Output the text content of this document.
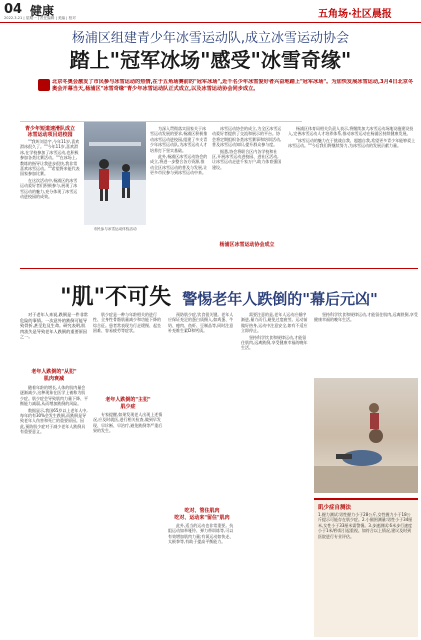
04 健康
2022.3.21 | 星期一 | 责任编辑 | 美编 | 校对	五角场·社区晨报
杨浦区组建青少年冰雪运动队,成立冰雪运动协会
踏上"冠军冰场"感受"冰雪奇缘"
北京冬奥会激发了市民参与冰雪运动的热情,在于五角场赛前的"冠军冰场",近千名少年冰雪爱好者兴奋地踏上"冠军冰场"。为加快发展冰雪运动,3月4日北京冬奥会开幕当天,杨浦区"冰雪奇缘"青少年冰雪运动队正式成立,以及冰雪运动协会同步成立。
青少年短道速滑队成立
冰雪运动项目进校园

""我叫刘浩宇,今年11岁,喜欢滑冰很久了。""今年11岁,喜欢滑冰,在学校参加了冰雪运动,也积极参加各类比赛活动。""在冰场上,教练的指导让我进步很快,我非常喜欢冰雪运动。""希望将来能代表国家参加比赛。

在这次活动中,杨浦区的冰雪运动爱好者们积极参与,展现了冰雪运动的魅力,充分体现了冰雪运动进校园的成效。

市民参与冰雪运动体验活动

为深入贯彻落实国家关于冰雪运动发展的要求,杨浦区积极推动冰雪运动进校园,组建了多支青少年冰雪运动队,为冰雪运动人才培养打下坚实基础。

此外,杨浦区冰雪运动协会的成立,将进一步整合各方资源,推动全区冰雪运动的普及与发展,让更多市民参与到冰雪运动中来。

冰雪运动协会的成立,为全区冰雪运动爱好者提供了交流和展示的平台。协会将定期组织各类冰雪赛事和培训活动,普及冰雪运动知识,提升群众参与度。

据悉,协会将联合区内各学校和社区,开展冰雪运动进校园、进社区活动,让冰雪运动走进千家万户,助力体育强国建设。

杨浦区冰雪运动协会成立

杨浦区体育局相关负责人表示,将继续加大冰雪运动场地设施建设投入,完善冰雪运动人才培养体系,推动冰雪运动在杨浦区持续健康发展。

"冰雪运动的魅力在于挑战自我、超越自我,希望更多青少年能够爱上冰雪运动。""今后我们将继续努力,为冰雪运动的发展贡献力量。

"肌"不可失 警惕老年人跌倒的"幕后元凶"

对于老年人来说,跌倒是一件非常危险的事情。一次意外的跌倒可能导致骨折,甚至危及生命。研究表明,肌肉流失是导致老年人跌倒的重要原因之一。

老年人跌倒的"从犯"
肌肉衰减

随着年龄的增长,人体的肌肉量会逐渐减少,这种现象在医学上被称为肌少症。肌少症会导致肌肉力量下降、平衡能力减弱,从而增加跌倒的风险。

数据显示,我国65岁以上老年人中,每年约有30%会发生跌倒,而跌倒是导致老年人伤害和死亡的重要原因。因此,预防肌少症对于减少老年人跌倒具有重要意义。

肌少症是一种与年龄相关的进行性、全身性骨骼肌量减少和功能下降的综合征。患者常表现为行走缓慢、起坐困难、容易疲劳等症状。

老年人跌倒的"主犯"
肌少症

专家提醒,如果发现老人出现上述情况,应及时就医,进行相关检查,做到早发现、早诊断、早治疗,避免跌倒等严重后果的发生。

预防肌少症,饮食很关键。老年人应保证充足的蛋白质摄入,如鸡蛋、牛奶、瘦肉、鱼虾、豆制品等,同时注意补充维生素D和钙质。

吃对、管住肌肉
吃对、运动来"留住"肌肉

此外,适当的运动也非常重要。抗阻运动如举哑铃、弹力带训练等,可以有效增加肌肉力量;有氧运动如快走、太极拳等,有助于提高平衡能力。

需要注意的是,老年人运动应循序渐进,量力而行,避免过度疲劳。运动前做好热身,运动中注意安全,如有不适应立即停止。

坚持科学饮食和规律运动,才能留住肌肉,远离跌倒,享受健康幸福的晚年生活。

坚持科学饮食和规律运动,才能留住肌肉,远离跌倒,享受健康幸福的晚年生活。

肌少症自测法
1.握力测试:男性握力小于28公斤,女性握力小于18公斤提示可能存在肌少症。2.小腿围测量:男性小于34厘米,女性小于33厘米需警惕。3.步速测试:6米步行速度小于1米/秒需引起重视。如符合以上情况,建议及时到医院进行专业评估。
